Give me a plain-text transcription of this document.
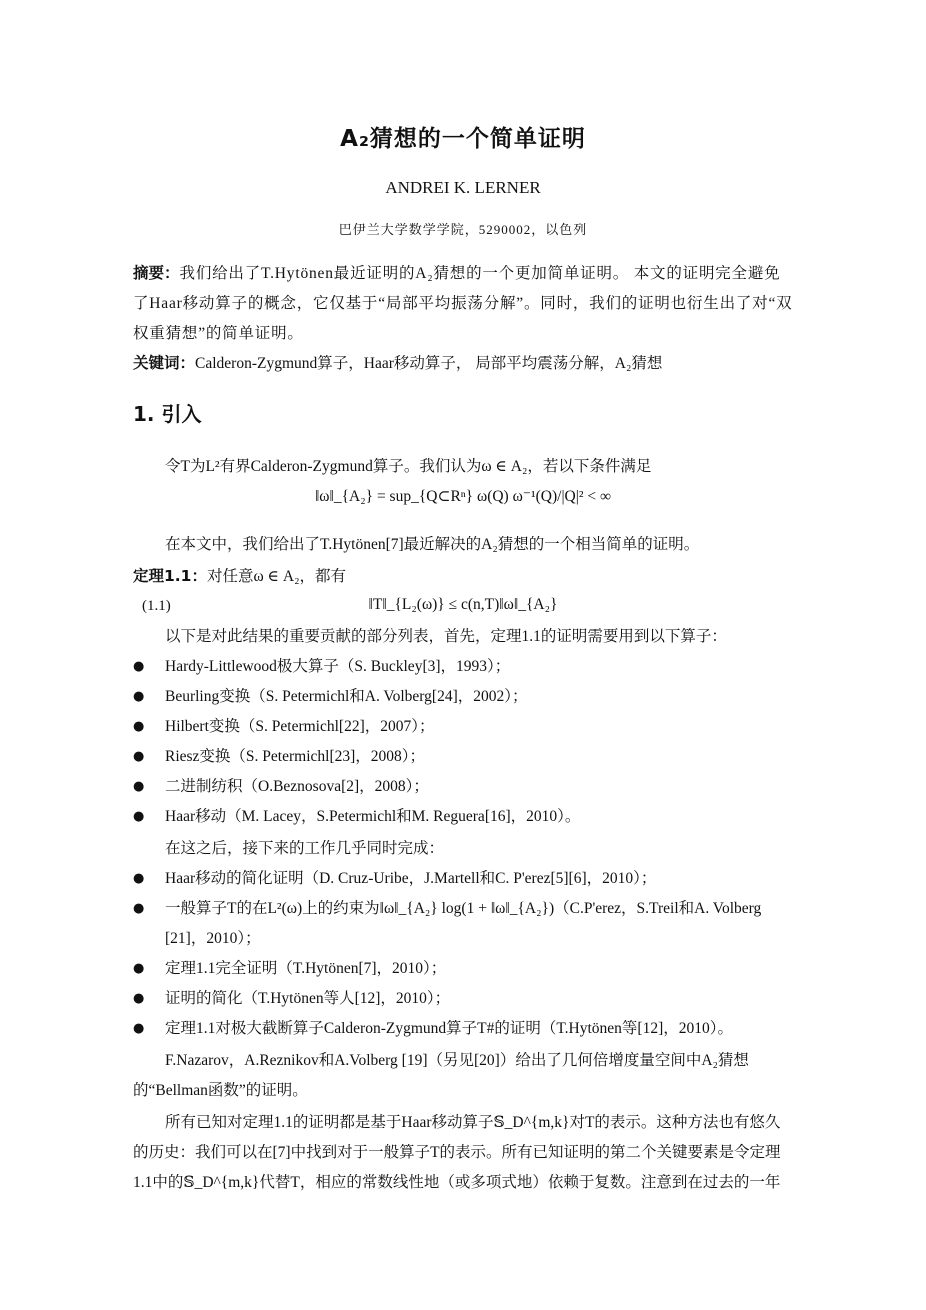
A₂猜想的一个简单证明
ANDREI K. LERNER
巴伊兰大学数学学院，5290002，以色列
摘要：我们给出了T.Hytönen最近证明的A₂猜想的一个更加简单证明。 本文的证明完全避免了Haar移动算子的概念，它仅基于“局部平均振荡分解”。同时，我们的证明也衍生出了对“双权重猜想”的简单证明。
关键词：Calderon-Zygmund算子，Haar移动算子， 局部平均震荡分解，A₂猜想
1. 引入
令T为L²有界Calderon-Zygmund算子。我们认为ω ∈ A₂，若以下条件满足
‖ω‖_{A₂} = sup_{Q⊂Rⁿ} ω(Q) ω⁻¹(Q)/|Q|² < ∞
在本文中，我们给出了T.Hytönen[7]最近解决的A₂猜想的一个相当简单的证明。
定理1.1：对任意ω ∈ A₂，都有
(1.1)	‖T‖_{L₂(ω)} ≤ c(n,T)‖ω‖_{A₂}
以下是对此结果的重要贡献的部分列表，首先，定理1.1的证明需要用到以下算子：
● Hardy-Littlewood极大算子（S. Buckley[3]，1993）；
● Beurling变换（S. Petermichl和A. Volberg[24]，2002）；
● Hilbert变换（S. Petermichl[22]，2007）；
● Riesz变换（S. Petermichl[23]，2008）；
● 二进制纺积（O.Beznosova[2]，2008）；
● Haar移动（M. Lacey，S.Petermichl和M. Reguera[16]，2010）。
在这之后，接下来的工作几乎同时完成：
● Haar移动的简化证明（D. Cruz-Uribe，J.Martell和C. P'erez[5][6]，2010）；
● 一般算子T的在L²(ω)上的约束为‖ω‖_{A₂} log(1 + ‖ω‖_{A₂})（C.P'erez，S.Treil和A. Volberg [21]，2010）；
● 定理1.1完全证明（T.Hytönen[7]，2010）；
● 证明的简化（T.Hytönen等人[12]，2010）；
● 定理1.1对极大截断算子Calderon-Zygmund算子T#的证明（T.Hytönen等[12]，2010）。
F.Nazarov，A.Reznikov和A.Volberg [19]（另见[20]）给出了几何倍增度量空间中A₂猜想的“Bellman函数”的证明。
所有已知对定理1.1的证明都是基于Haar移动算子𝕊_D^{m,k}对T的表示。这种方法也有悠久的历史：我们可以在[7]中找到对于一般算子T的表示。所有已知证明的第二个关键要素是令定理1.1中的𝕊_D^{m,k}代替T，相应的常数线性地（或多项式地）依赖于复数。注意到在过去的一年
